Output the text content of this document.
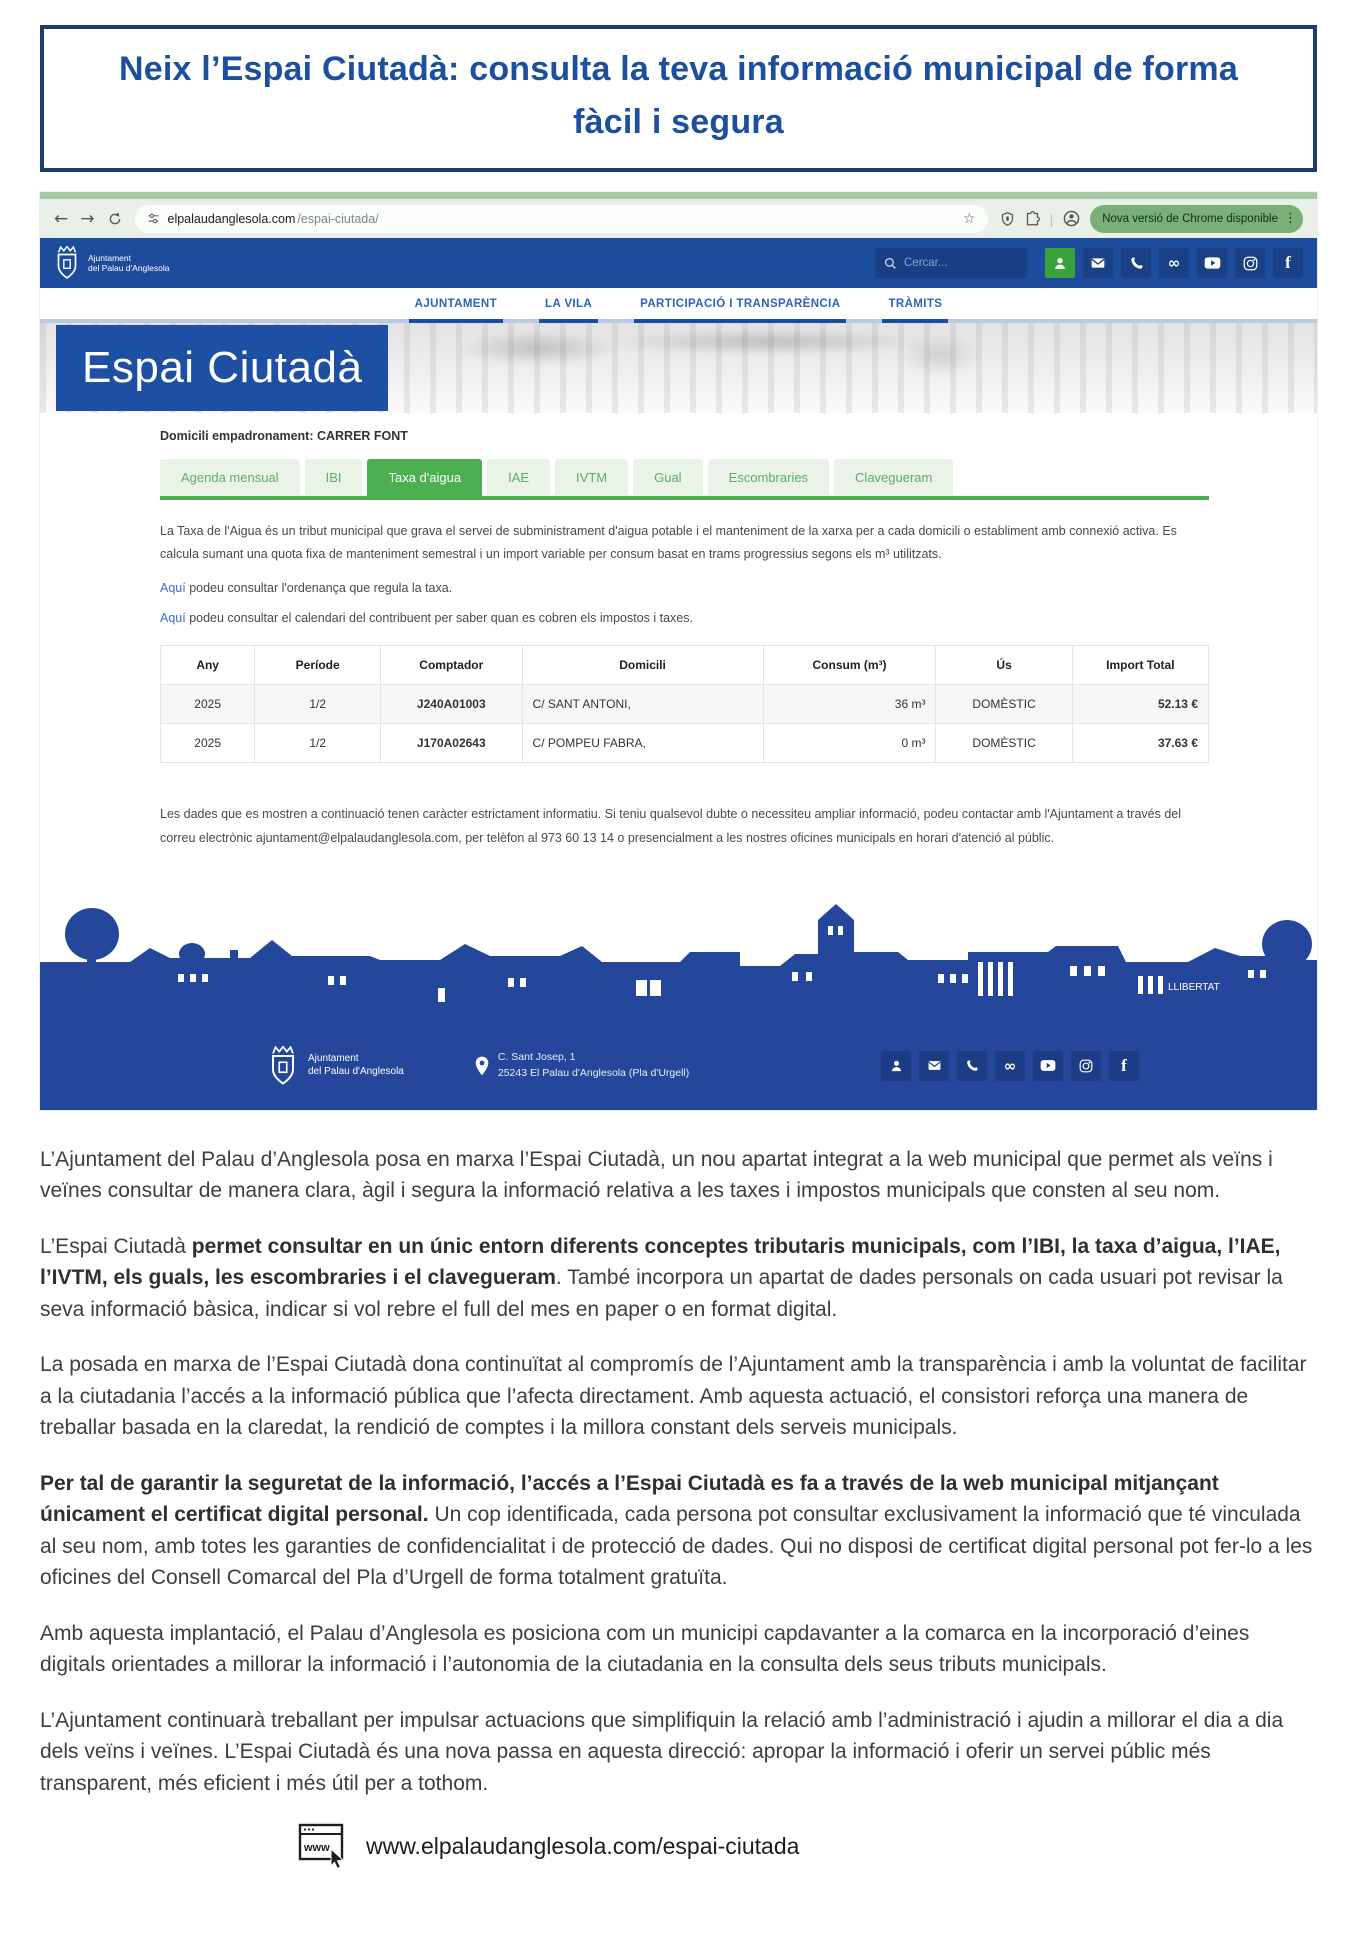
Neix l’Espai Ciutadà: consulta la teva informació municipal de forma fàcil i segura
← →	elpalaudanglesola.com /espai-ciutada/	☆	|	Nova versió de Chrome disponible ⋮
Ajuntament
del Palau d'Anglesola	Cercar...	∞	f
AJUNTAMENT	LA VILA	PARTICIPACIÓ I TRANSPARÈNCIA	TRÀMITS
Espai Ciutadà
Domicili empadronament: CARRER FONT
Agenda mensual	IBI	Taxa d'aigua	IAE	IVTM	Gual	Escombraries	Clavegueram

La Taxa de l'Aigua és un tribut municipal que grava el servei de subministrament d'aigua potable i el manteniment de la xarxa per a cada domicili o establiment amb connexió activa. Es calcula sumant una quota fixa de manteniment semestral i un import variable per consum basat en trams progressius segons els m³ utilitzats.

Aquí podeu consultar l'ordenança que regula la taxa.

Aquí podeu consultar el calendari del contribuent per saber quan es cobren els impostos i taxes.

Any	Període	Comptador	Domicili	Consum (m³)	Ús	Import Total
2025	1/2	J240A01003	C/ SANT ANTONI,	36 m³	DOMÈSTIC	52.13 €
2025	1/2	J170A02643	C/ POMPEU FABRA,	0 m³	DOMÈSTIC	37.63 €

Les dades que es mostren a continuació tenen caràcter estrictament informatiu. Si teniu qualsevol dubte o necessiteu ampliar informació, podeu contactar amb l'Ajuntament a través del correu electrònic ajuntament@elpalaudanglesola.com, per telèfon al 973 60 13 14 o presencialment a les nostres oficines municipals en horari d'atenció al públic.

LLIBERTAT
Ajuntament
del Palau d'Anglesola
C. Sant Josep, 1
25243 El Palau d'Anglesola (Pla d'Urgell)	∞	f

L’Ajuntament del Palau d’Anglesola posa en marxa l’Espai Ciutadà, un nou apartat integrat a la web municipal que permet als veïns i veïnes consultar de manera clara, àgil i segura la informació relativa a les taxes i impostos municipals que consten al seu nom.

L’Espai Ciutadà permet consultar en un únic entorn diferents conceptes tributaris municipals, com l’IBI, la taxa d’aigua, l’IAE, l’IVTM, els guals, les escombraries i el clavegueram. També incorpora un apartat de dades personals on cada usuari pot revisar la seva informació bàsica, indicar si vol rebre el full del mes en paper o en format digital.

La posada en marxa de l’Espai Ciutadà dona continuïtat al compromís de l’Ajuntament amb la transparència i amb la voluntat de facilitar a la ciutadania l’accés a la informació pública que l’afecta directament. Amb aquesta actuació, el consistori reforça una manera de treballar basada en la claredat, la rendició de comptes i la millora constant dels serveis municipals.

Per tal de garantir la seguretat de la informació, l’accés a l’Espai Ciutadà es fa a través de la web municipal mitjançant únicament el certificat digital personal. Un cop identificada, cada persona pot consultar exclusivament la informació que té vinculada al seu nom, amb totes les garanties de confidencialitat i de protecció de dades. Qui no disposi de certificat digital personal pot fer-lo a les oficines del Consell Comarcal del Pla d’Urgell de forma totalment gratuïta.

Amb aquesta implantació, el Palau d’Anglesola es posiciona com un municipi capdavanter a la comarca en la incorporació d’eines digitals orientades a millorar la informació i l’autonomia de la ciutadania en la consulta dels seus tributs municipals.

L’Ajuntament continuarà treballant per impulsar actuacions que simplifiquin la relació amb l’administració i ajudin a millorar el dia a dia dels veïns i veïnes. L’Espai Ciutadà és una nova passa en aquesta direcció: apropar la informació i oferir un servei públic més transparent, més eficient i més útil per a tothom.

www www.elpalaudanglesola.com/espai-ciutada
